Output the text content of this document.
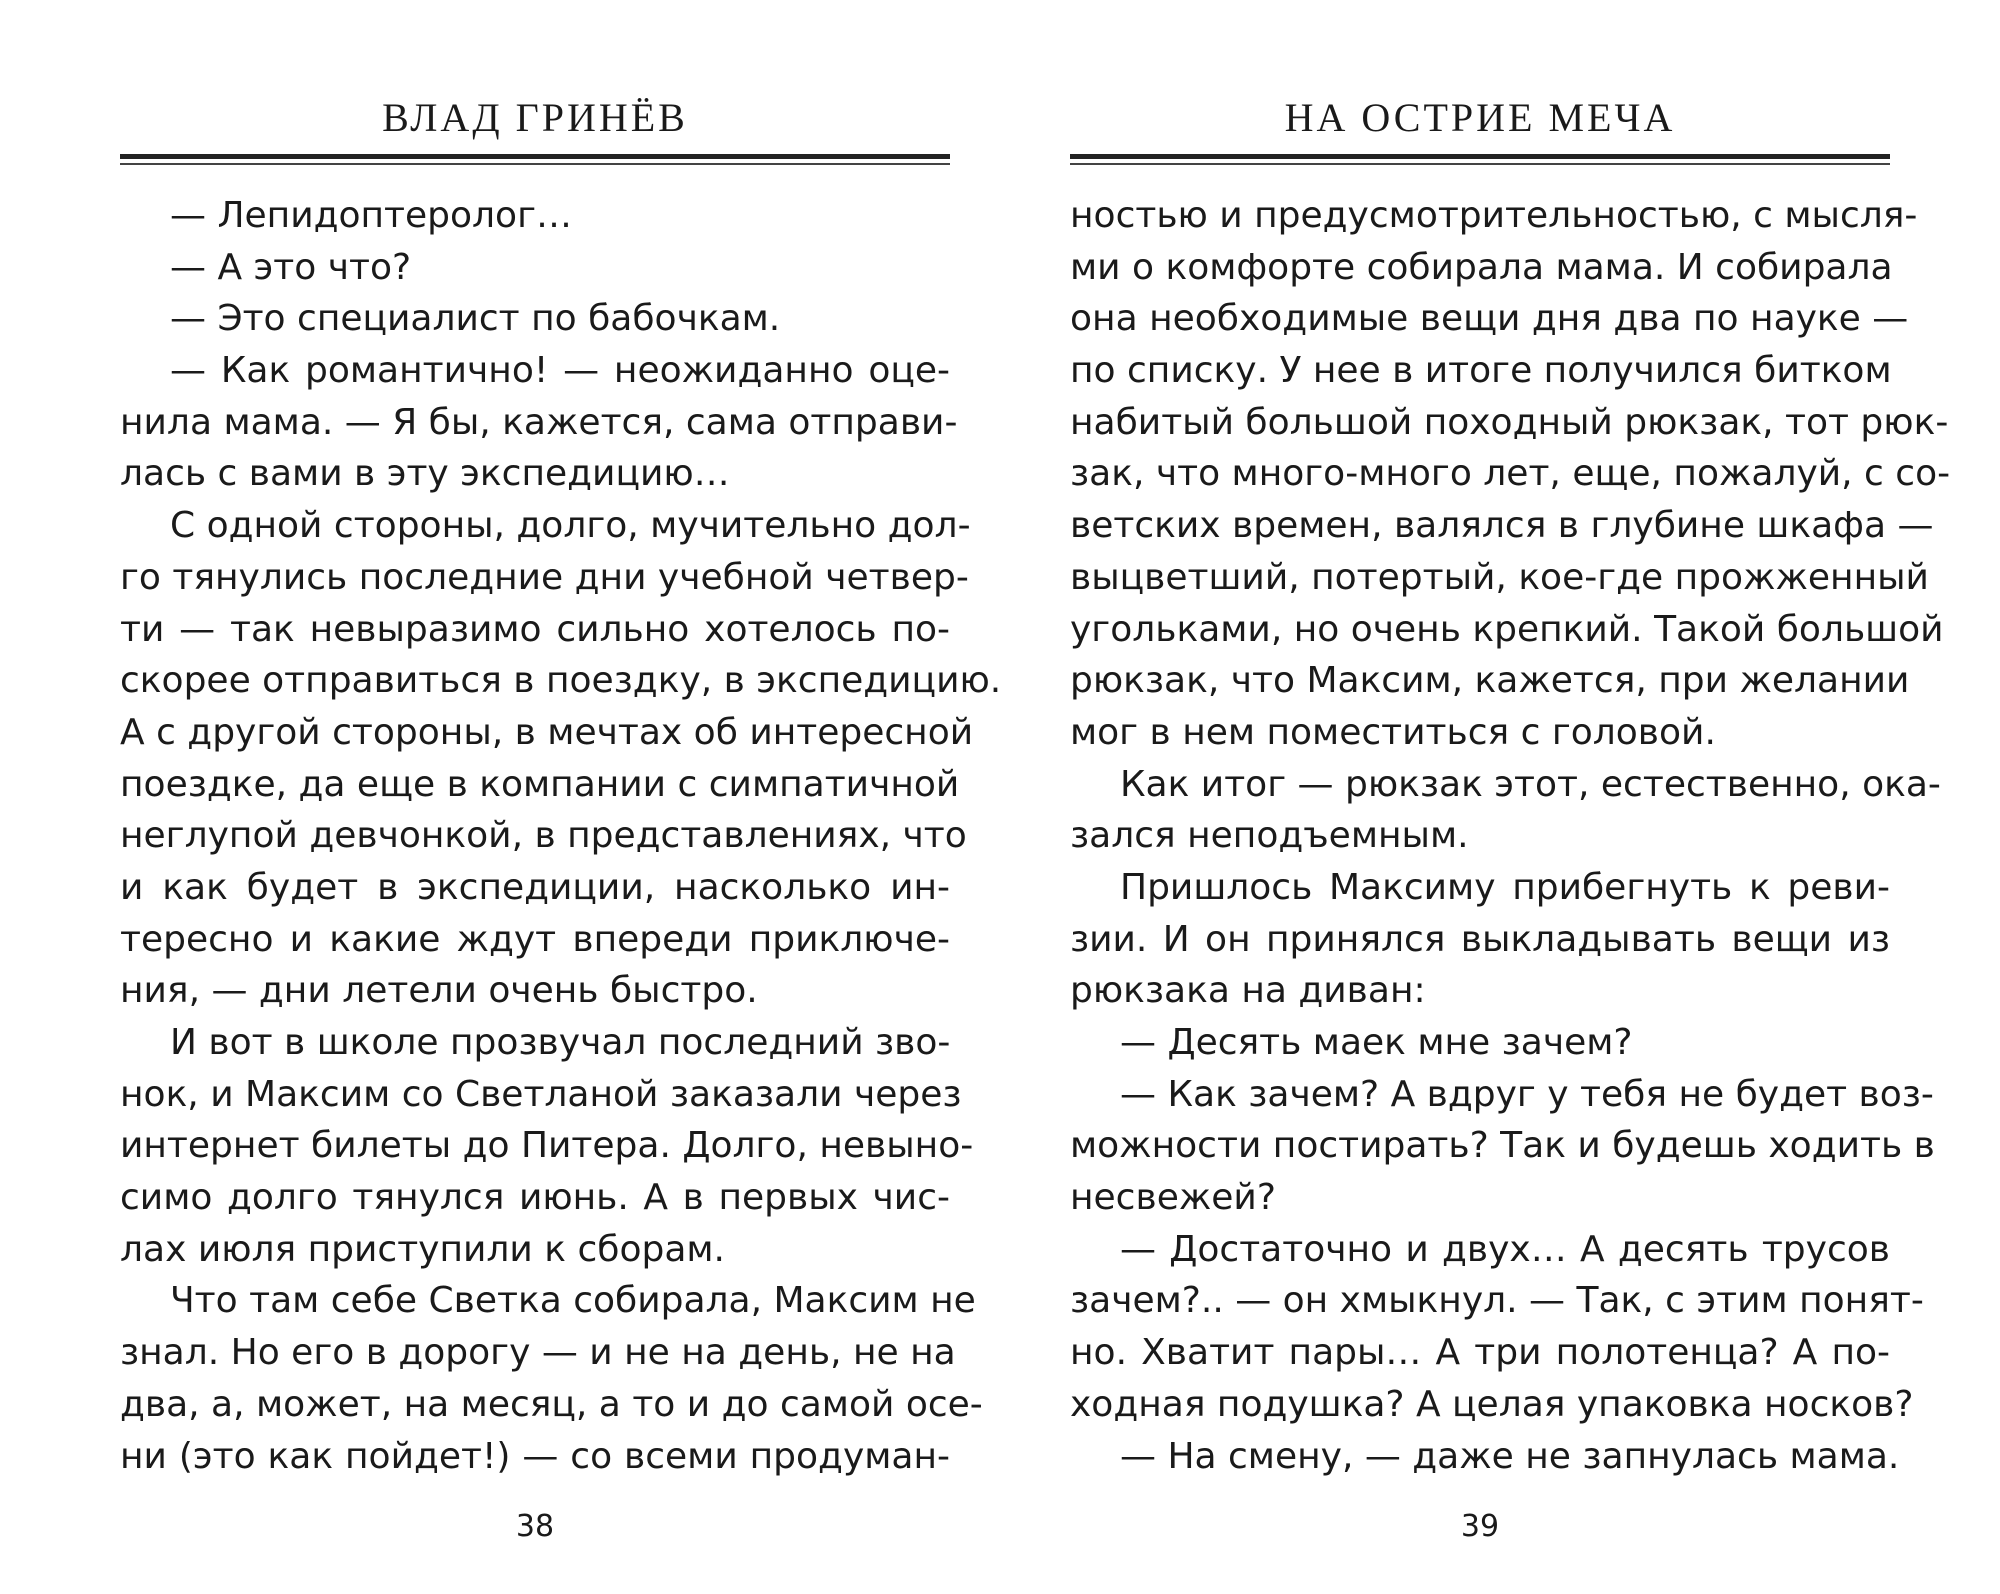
ВЛАД ГРИНЁВ
— Лепидоптеролог…
— А это что?
— Это специалист по бабочкам.
— Как романтично! — неожиданно оце-
нила мама. — Я бы, кажется, сама отправи-
лась с вами в эту экспедицию…
С одной стороны, долго, мучительно дол-
го тянулись последние дни учебной четвер-
ти — так невыразимо сильно хотелось по-
скорее отправиться в поездку, в экспедицию.
А с другой стороны, в мечтах об интересной
поездке, да еще в компании с симпатичной
неглупой девчонкой, в представлениях, что
и как будет в экспедиции, насколько ин-
тересно и какие ждут впереди приключе-
ния, — дни летели очень быстро.
И вот в школе прозвучал последний зво-
нок, и Максим со Светланой заказали через
интернет билеты до Питера. Долго, невыно-
симо долго тянулся июнь. А в первых чис-
лах июля приступили к сборам.
Что там себе Светка собирала, Максим не
знал. Но его в дорогу — и не на день, не на
два, а, может, на месяц, а то и до самой осе-
ни (это как пойдет!) — со всеми продуман-
38
НА ОСТРИЕ МЕЧА
ностью и предусмотрительностью, с мысля-
ми о комфорте собирала мама. И собирала
она необходимые вещи дня два по науке —
по списку. У нее в итоге получился битком
набитый большой походный рюкзак, тот рюк-
зак, что много-много лет, еще, пожалуй, с со-
ветских времен, валялся в глубине шкафа —
выцветший, потертый, кое-где прожженный
угольками, но очень крепкий. Такой большой
рюкзак, что Максим, кажется, при желании
мог в нем поместиться с головой.
Как итог — рюкзак этот, естественно, ока-
зался неподъемным.
Пришлось Максиму прибегнуть к реви-
зии. И он принялся выкладывать вещи из
рюкзака на диван:
— Десять маек мне зачем?
— Как зачем? А вдруг у тебя не будет воз-
можности постирать? Так и будешь ходить в
несвежей?
— Достаточно и двух… А десять трусов
зачем?.. — он хмыкнул. — Так, с этим понят-
но. Хватит пары… А три полотенца? А по-
ходная подушка? А целая упаковка носков?
— На смену, — даже не запнулась мама.
39
